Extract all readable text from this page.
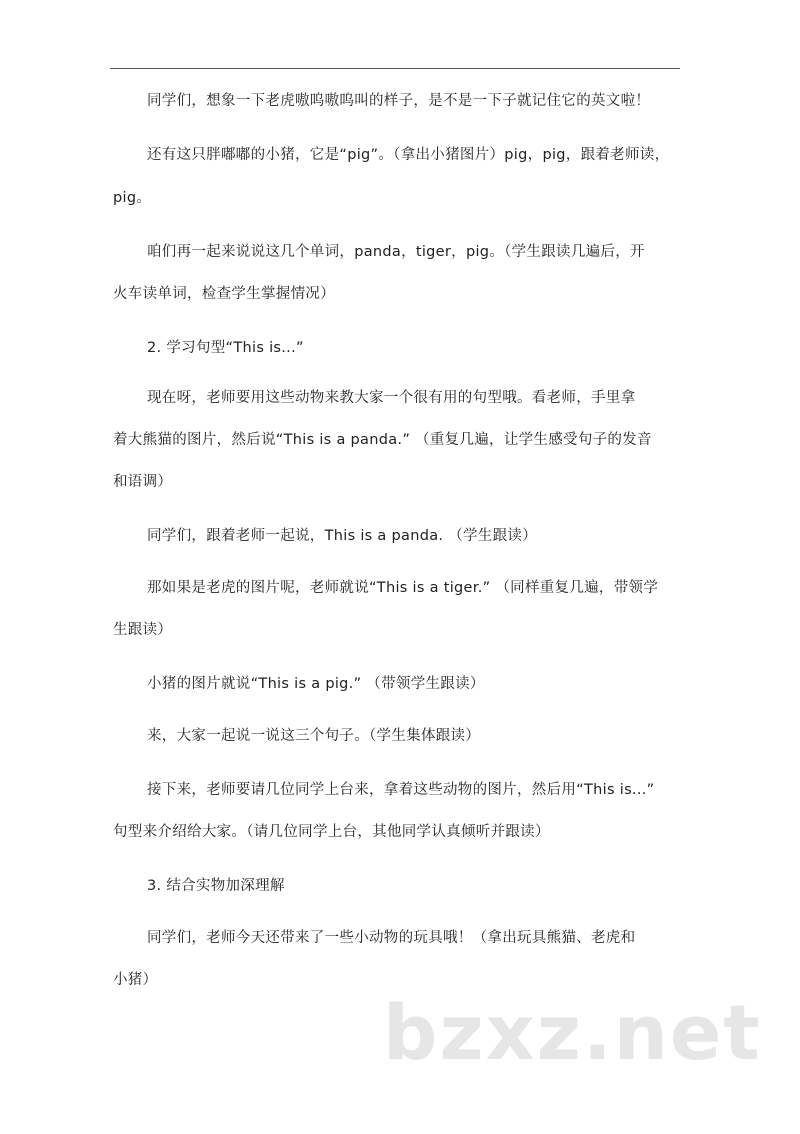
同学们，想象一下老虎嗷呜嗷呜叫的样子，是不是一下子就记住它的英文啦！
还有这只胖嘟嘟的小猪，它是“pig”。（拿出小猪图片）pig，pig，跟着老师读，
pig。
咱们再一起来说说这几个单词，panda，tiger，pig。（学生跟读几遍后，开
火车读单词，检查学生掌握情况）
2. 学习句型“This is...”
现在呀，老师要用这些动物来教大家一个很有用的句型哦。看老师，手里拿
着大熊猫的图片，然后说“This is a panda.” （重复几遍，让学生感受句子的发音
和语调）
同学们，跟着老师一起说，This is a panda. （学生跟读）
那如果是老虎的图片呢，老师就说“This is a tiger.” （同样重复几遍，带领学
生跟读）
小猪的图片就说“This is a pig.” （带领学生跟读）
来，大家一起说一说这三个句子。（学生集体跟读）
接下来，老师要请几位同学上台来，拿着这些动物的图片，然后用“This is...”
句型来介绍给大家。（请几位同学上台，其他同学认真倾听并跟读）
3. 结合实物加深理解
同学们，老师今天还带来了一些小动物的玩具哦！（拿出玩具熊猫、老虎和
小猪）
bzxz.net
